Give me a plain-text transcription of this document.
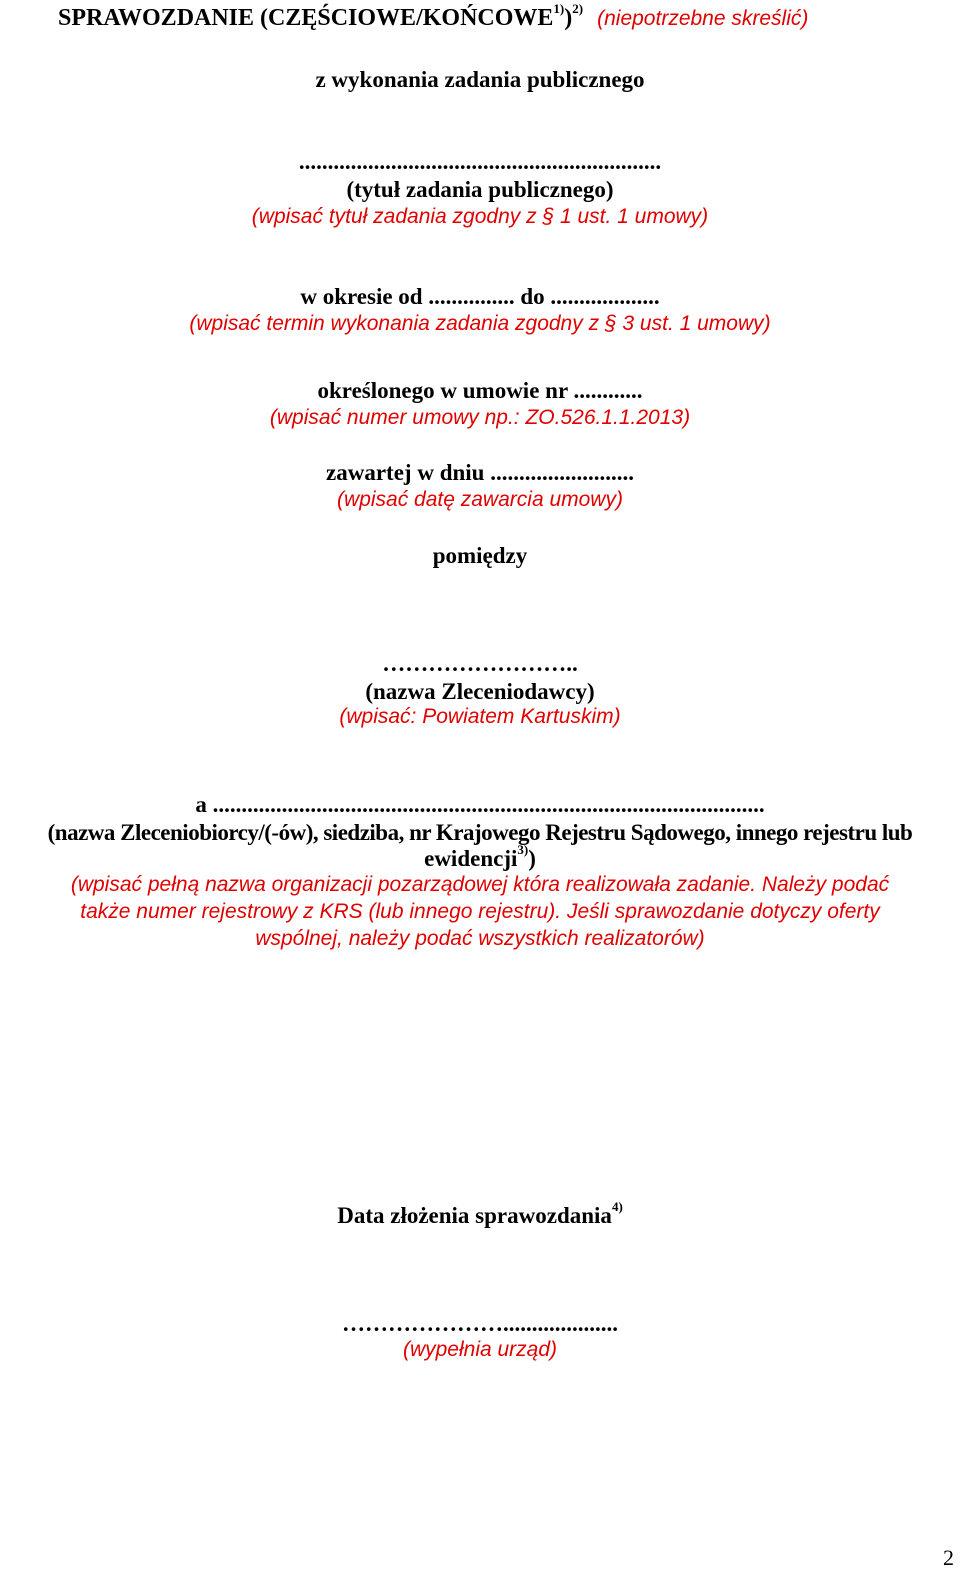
SPRAWOZDANIE (CZĘŚCIOWE/KOŃCOWE$^{1)}$)$^{2)}$ (niepotrzebne skreślić)
z wykonania zadania publicznego
...............................................................
(tytuł zadania publicznego)
(wpisać tytuł zadania zgodny z § 1 ust. 1 umowy)
w okresie od ............... do ...................
(wpisać termin wykonania zadania zgodny z § 3 ust. 1 umowy)
określonego w umowie nr ............
(wpisać numer umowy np.: ZO.526.1.1.2013)
zawartej w dniu .........................
(wpisać datę zawarcia umowy)
pomiędzy
……………………..
(nazwa Zleceniodawcy)
(wpisać: Powiatem Kartuskim)
a ................................................................................................
(nazwa Zleceniobiorcy/(-ów), siedziba, nr Krajowego Rejestru Sądowego, innego rejestru lub
ewidencji$^{3)}$)
(wpisać pełną nazwa organizacji pozarządowej która realizowała zadanie. Należy podać
także numer rejestrowy z KRS (lub innego rejestru). Jeśli sprawozdanie dotyczy oferty
wspólnej, należy podać wszystkich realizatorów)
Data złożenia sprawozdania$^{4)}$
…………………....................
(wypełnia urząd)
2
